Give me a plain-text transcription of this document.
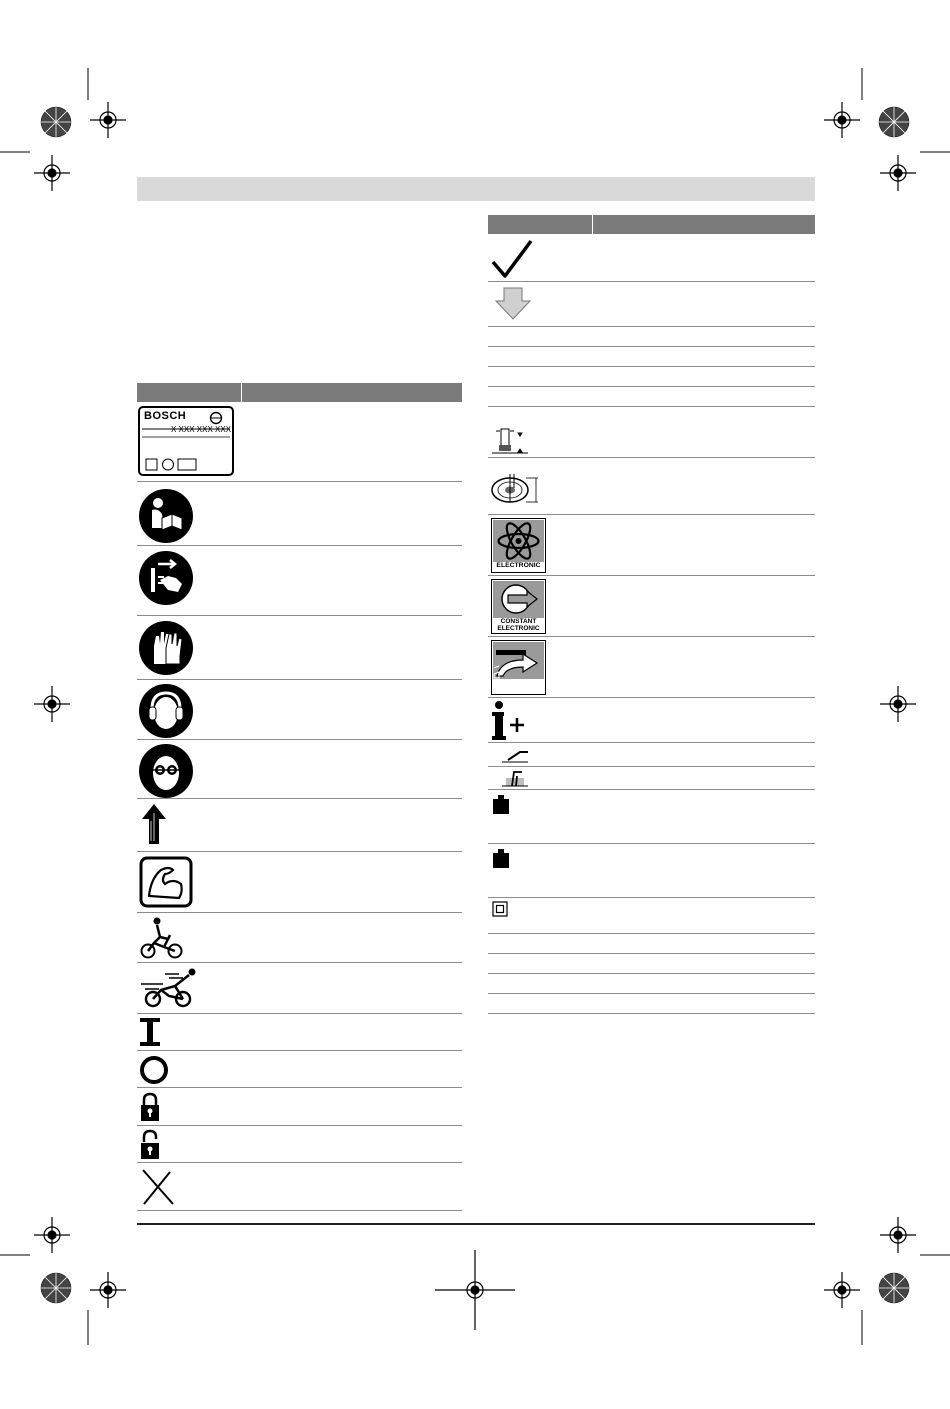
BOSCH
X XXX XXX XXX
ELECTRONIC
CONSTANT
ELECTRONIC
